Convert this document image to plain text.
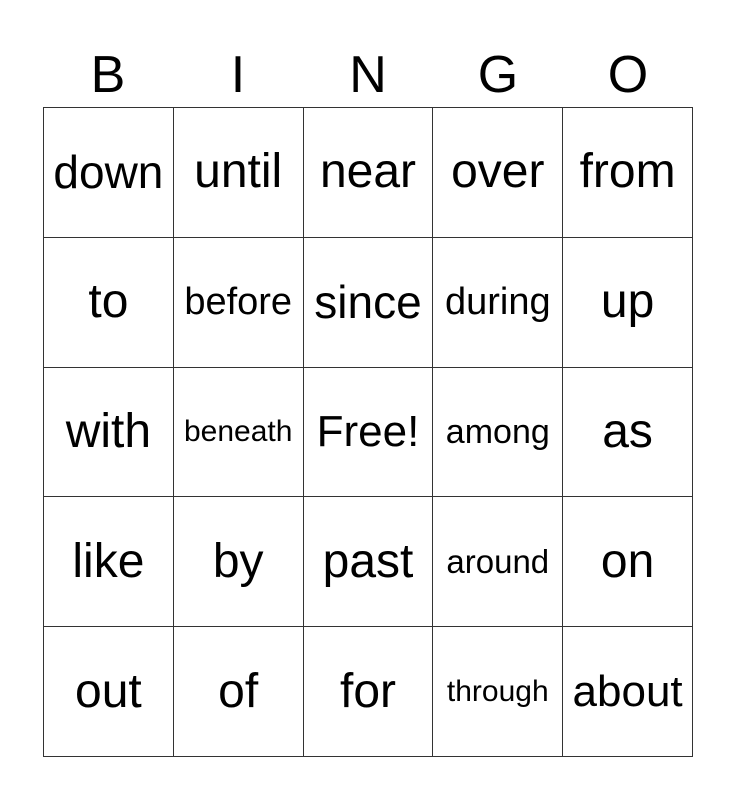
B	I	N	G	O
down until near over from
to before since during up
with beneath Free! among as
like by past around on
out of for through about
